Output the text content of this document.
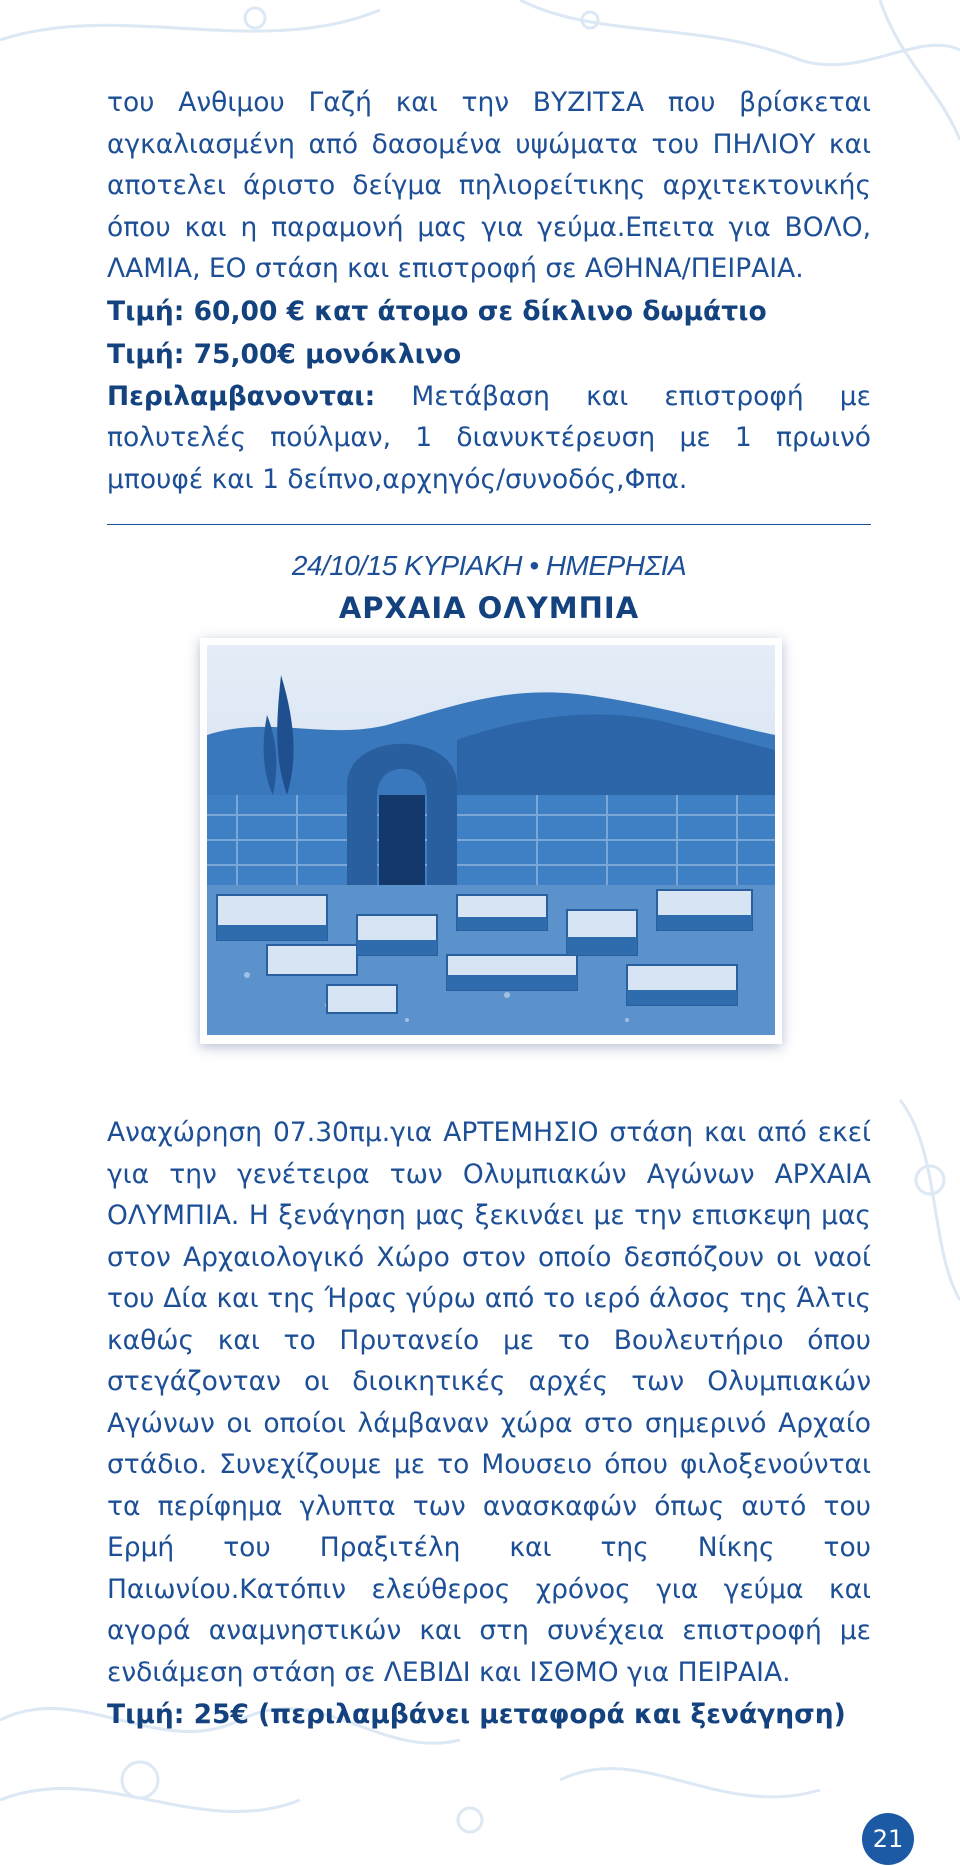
του Ανθιμου Γαζή και την ΒΥΖΙΤΣΑ που βρίσκεται αγκαλιασμένη από δασομένα υψώματα του ΠΗΛΙΟΥ και αποτελει άριστο δείγμα πηλιορείτικης αρχιτεκτονικής όπου και η παραμονή μας για γεύμα.Επειτα για ΒΟΛΟ, ΛΑΜΙΑ, ΕΟ στάση και επιστροφή σε ΑΘΗΝΑ/ΠΕΙΡΑΙΑ.

Τιμή: 60,00 € κατ άτομο σε δίκλινο δωμάτιο

Τιμή: 75,00€ μονόκλινο

Περιλαμβανονται: Μετάβαση και επιστροφή με πολυτελές πούλμαν, 1 διανυκτέρευση με 1 πρωινό μπουφέ και 1 δείπνο,αρχηγός/συνοδός,Φπα.

24/10/15 ΚΥΡΙΑΚΗ • ΗΜΕΡΗΣΙΑ
ΑΡΧΑΙΑ ΟΛΥΜΠΙΑ

Αναχώρηση 07.30πμ.για ΑΡΤΕΜΗΣΙΟ στάση και από εκεί για την γενέτειρα των Ολυμπιακών Αγώνων ΑΡΧΑΙΑ ΟΛΥΜΠΙΑ. Η ξενάγηση μας ξεκινάει με την επισκεψη μας στον Αρχαιολογικό Χώρο στον οποίο δεσπόζουν οι ναοί του Δία και της Ήρας γύρω από το ιερό άλσος της Άλτις καθώς και το Πρυτανείο με το Βουλευτήριο όπου στεγάζονταν οι διοικητικές αρχές των Ολυμπιακών Αγώνων οι οποίοι λάμβαναν χώρα στο σημερινό Αρχαίο στάδιο. Συνεχίζουμε με το Μουσειο όπου φιλοξενούνται τα περίφημα γλυπτα των ανασκαφών όπως αυτό του Ερμή του Πραξιτέλη και της Νίκης του Παιωνίου.Κατόπιν ελεύθερος χρόνος για γεύμα και αγορά αναμνηστικών και στη συνέχεια επιστροφή με ενδιάμεση στάση σε ΛΕΒΙΔΙ και ΙΣΘΜΟ για ΠΕΙΡΑΙΑ.

Τιμή: 25€ (περιλαμβάνει μεταφορά και ξενάγηση)

21
